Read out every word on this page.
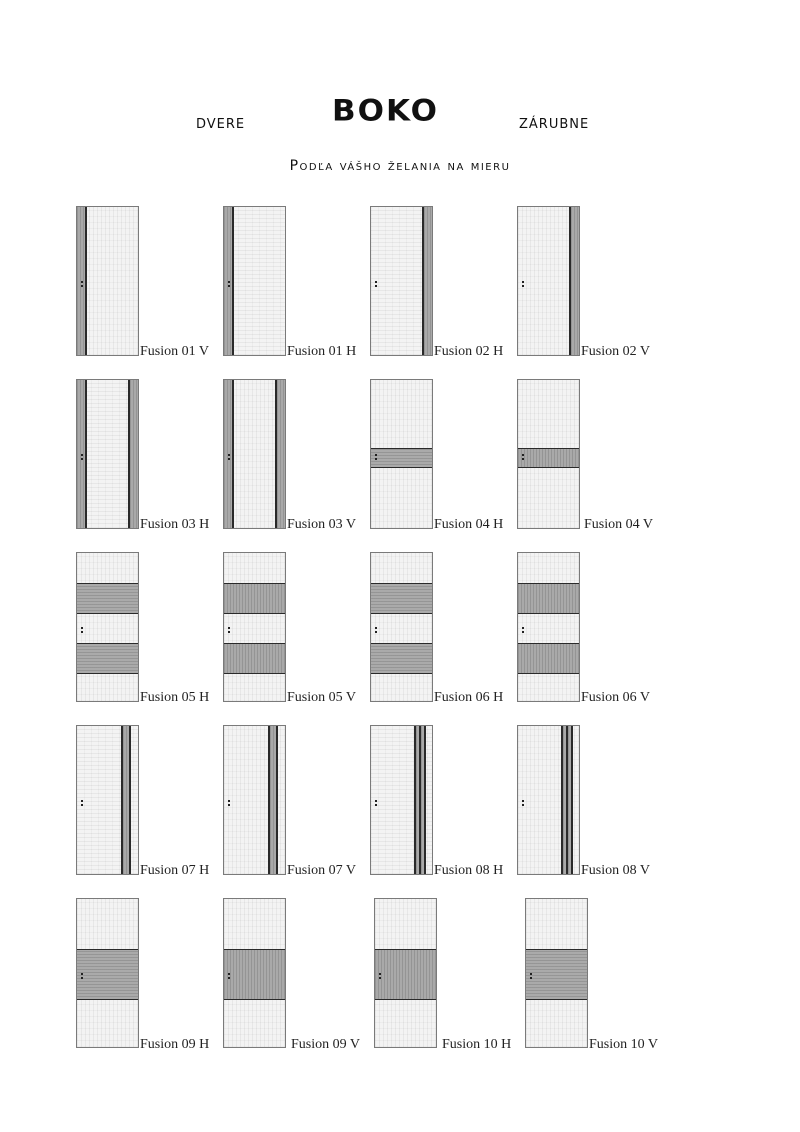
DVERE	BOKO	ZÁRUBNE
Podľa vášho želania na mieru
Fusion 01 V	Fusion 01 H	Fusion 02 H	Fusion 02 V
Fusion 03 H	Fusion 03 V	Fusion 04 H	Fusion 04 V
Fusion 05 H	Fusion 05 V	Fusion 06 H	Fusion 06 V
Fusion 07 H	Fusion 07 V	Fusion 08 H	Fusion 08 V
Fusion 09 H	Fusion 09 V	Fusion 10 H	Fusion 10 V
